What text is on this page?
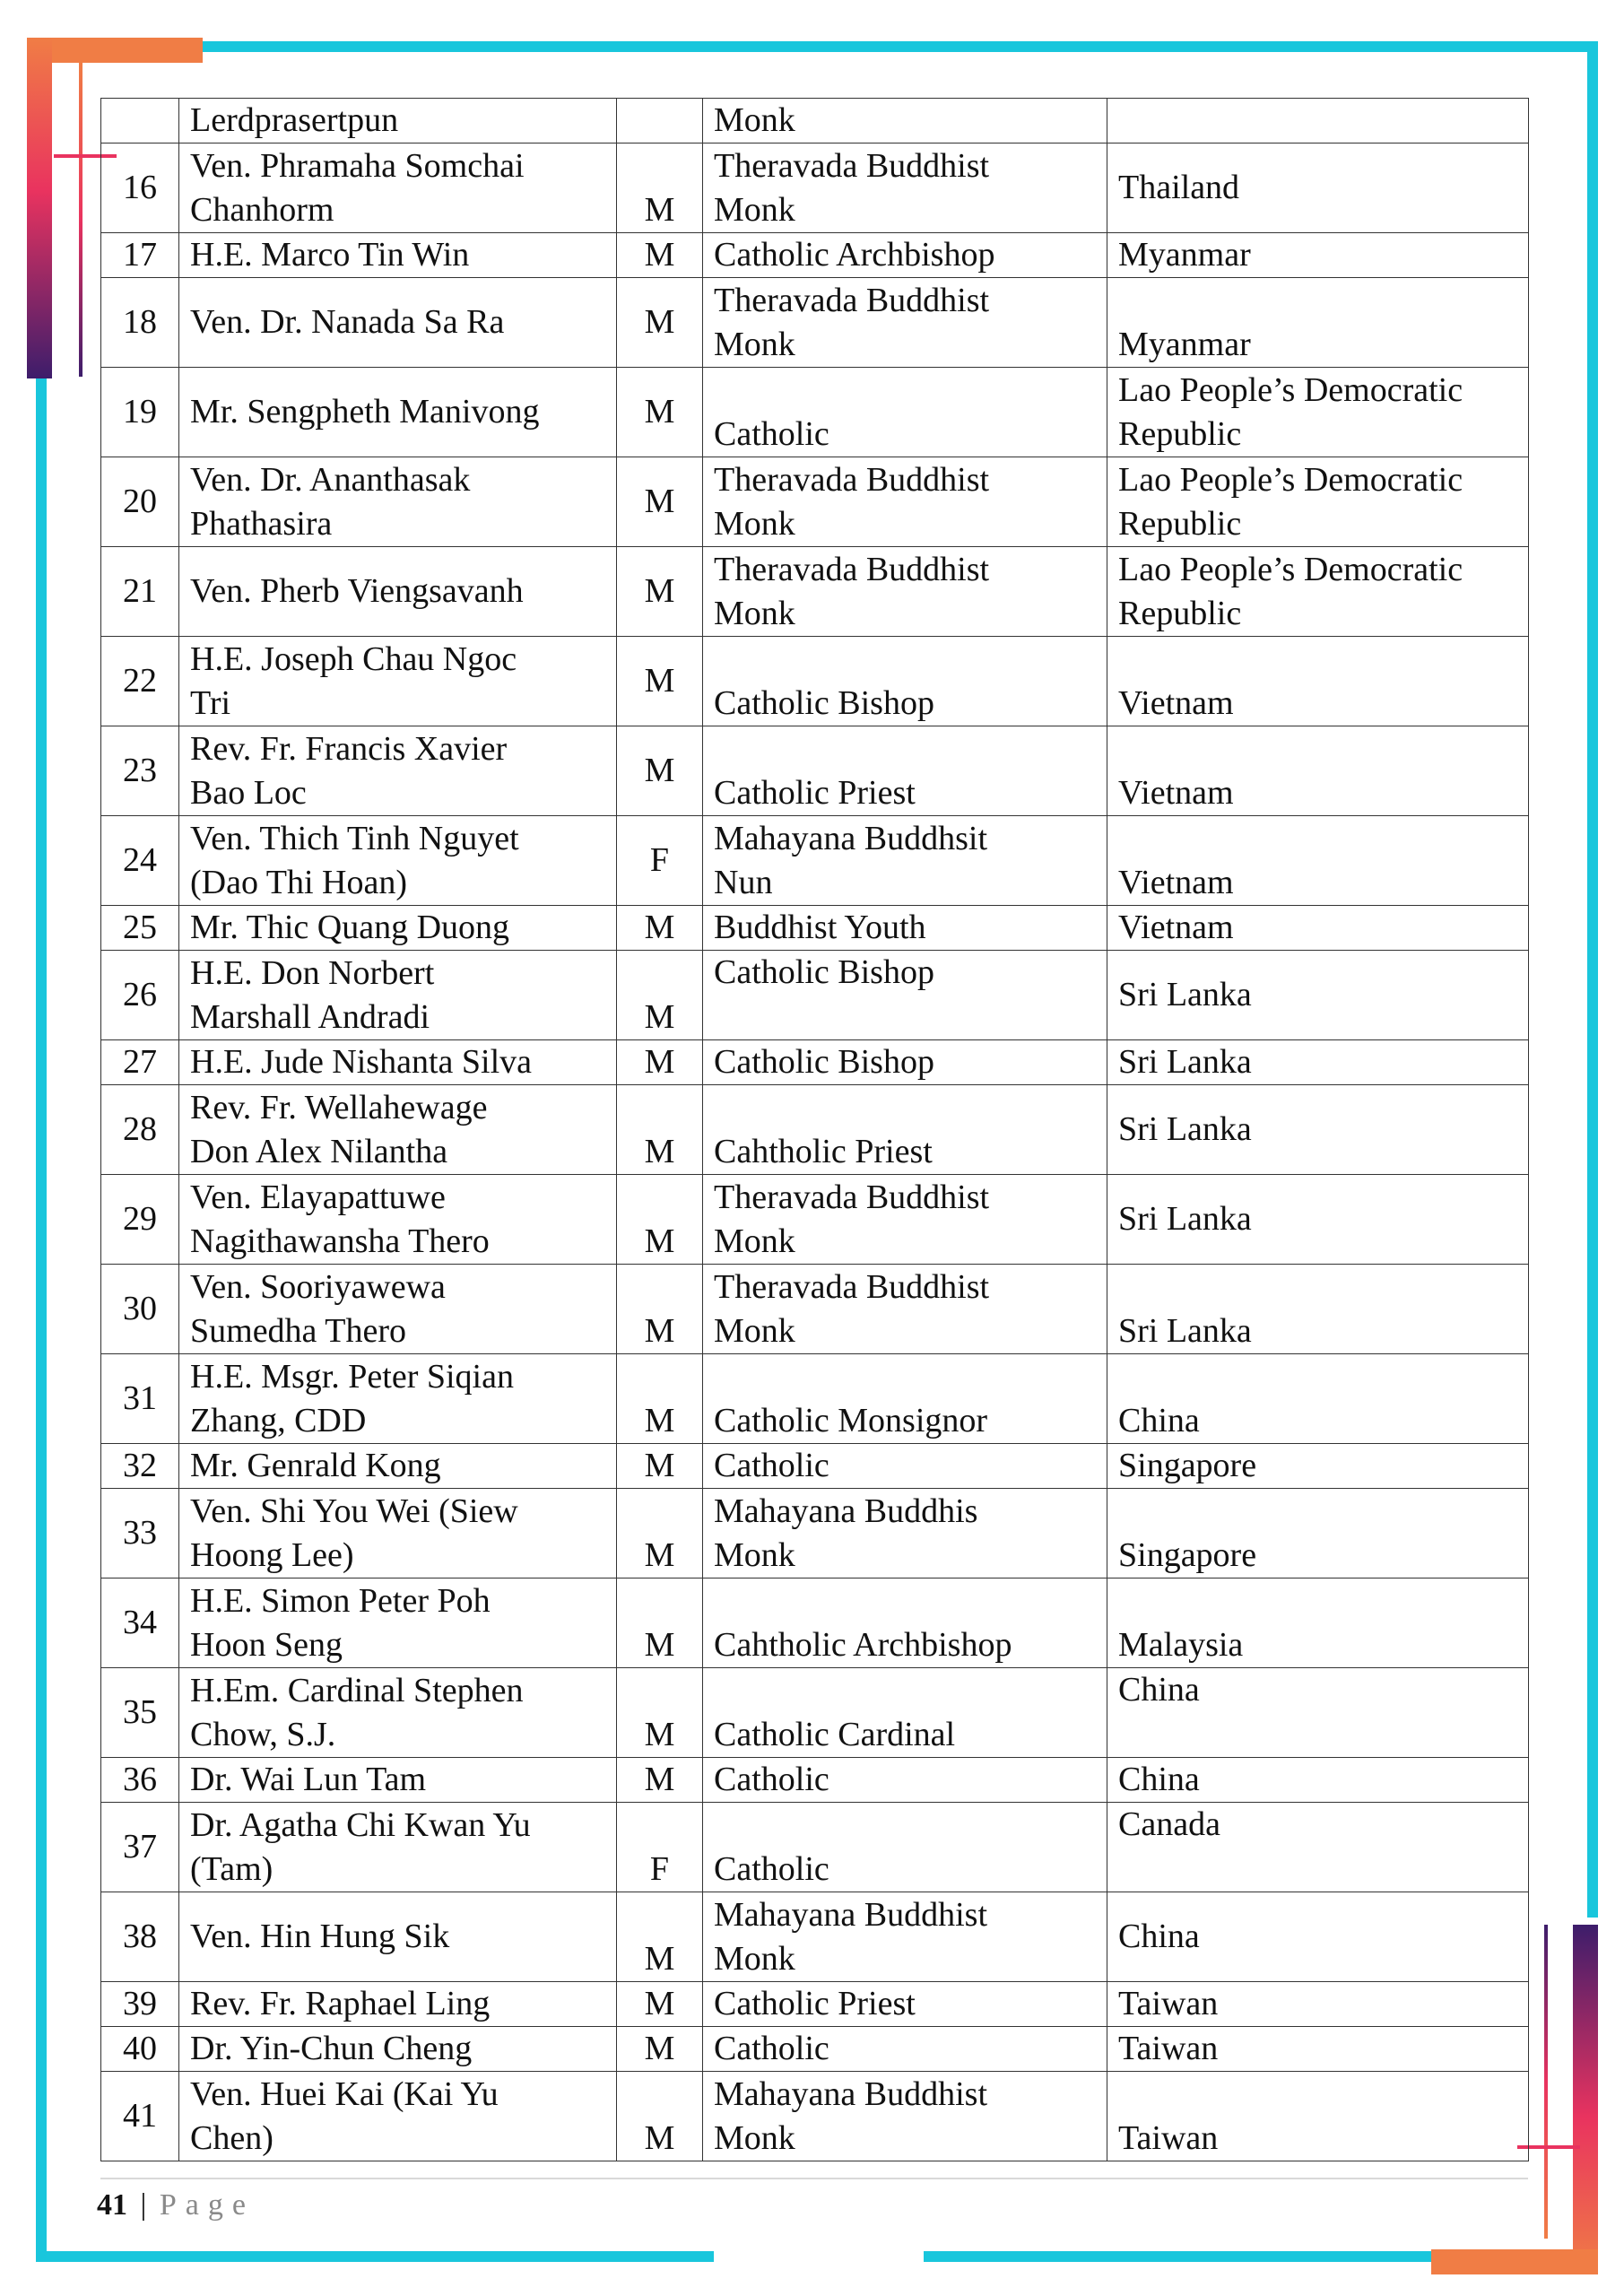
	Lerdprasertpun		Monk	
16	Ven. Phramaha Somchai
Chanhorm	M	Theravada Buddhist
Monk	Thailand
17	H.E. Marco Tin Win	M	Catholic Archbishop	Myanmar
18	Ven. Dr. Nanada Sa Ra	M	Theravada Buddhist
Monk	Myanmar
19	Mr. Sengpheth Manivong	M	Catholic	Lao People’s Democratic
Republic
20	Ven. Dr. Ananthasak
Phathasira	M	Theravada Buddhist
Monk	Lao People’s Democratic
Republic
21	Ven. Pherb Viengsavanh	M	Theravada Buddhist
Monk	Lao People’s Democratic
Republic
22	H.E. Joseph Chau Ngoc
Tri	M	Catholic Bishop	Vietnam
23	Rev. Fr. Francis Xavier
Bao Loc	M	Catholic Priest	Vietnam
24	Ven. Thich Tinh Nguyet
(Dao Thi Hoan)	F	Mahayana Buddhsit
Nun	Vietnam
25	Mr. Thic Quang Duong	M	Buddhist Youth	Vietnam
26	H.E. Don Norbert
Marshall Andradi	M	Catholic Bishop	Sri Lanka
27	H.E. Jude Nishanta Silva	M	Catholic Bishop	Sri Lanka
28	Rev. Fr. Wellahewage
Don Alex Nilantha	M	Cahtholic Priest	Sri Lanka
29	Ven. Elayapattuwe
Nagithawansha Thero	M	Theravada Buddhist
Monk	Sri Lanka
30	Ven. Sooriyawewa
Sumedha Thero	M	Theravada Buddhist
Monk	Sri Lanka
31	H.E. Msgr. Peter Siqian
Zhang, CDD	M	Catholic Monsignor	China
32	Mr. Genrald Kong	M	Catholic	Singapore
33	Ven. Shi You Wei (Siew
Hoong Lee)	M	Mahayana Buddhis
Monk	Singapore
34	H.E. Simon Peter Poh
Hoon Seng	M	Cahtholic Archbishop	Malaysia
35	H.Em. Cardinal Stephen
Chow, S.J.	M	Catholic Cardinal	China
36	Dr. Wai Lun Tam	M	Catholic	China
37	Dr. Agatha Chi Kwan Yu
(Tam)	F	Catholic	Canada
38	Ven. Hin Hung Sik	M	Mahayana Buddhist
Monk	China
39	Rev. Fr. Raphael Ling	M	Catholic Priest	Taiwan
40	Dr. Yin-Chun Cheng	M	Catholic	Taiwan
41	Ven. Huei Kai (Kai Yu
Chen)	M	Mahayana Buddhist
Monk	Taiwan
41 | Page
